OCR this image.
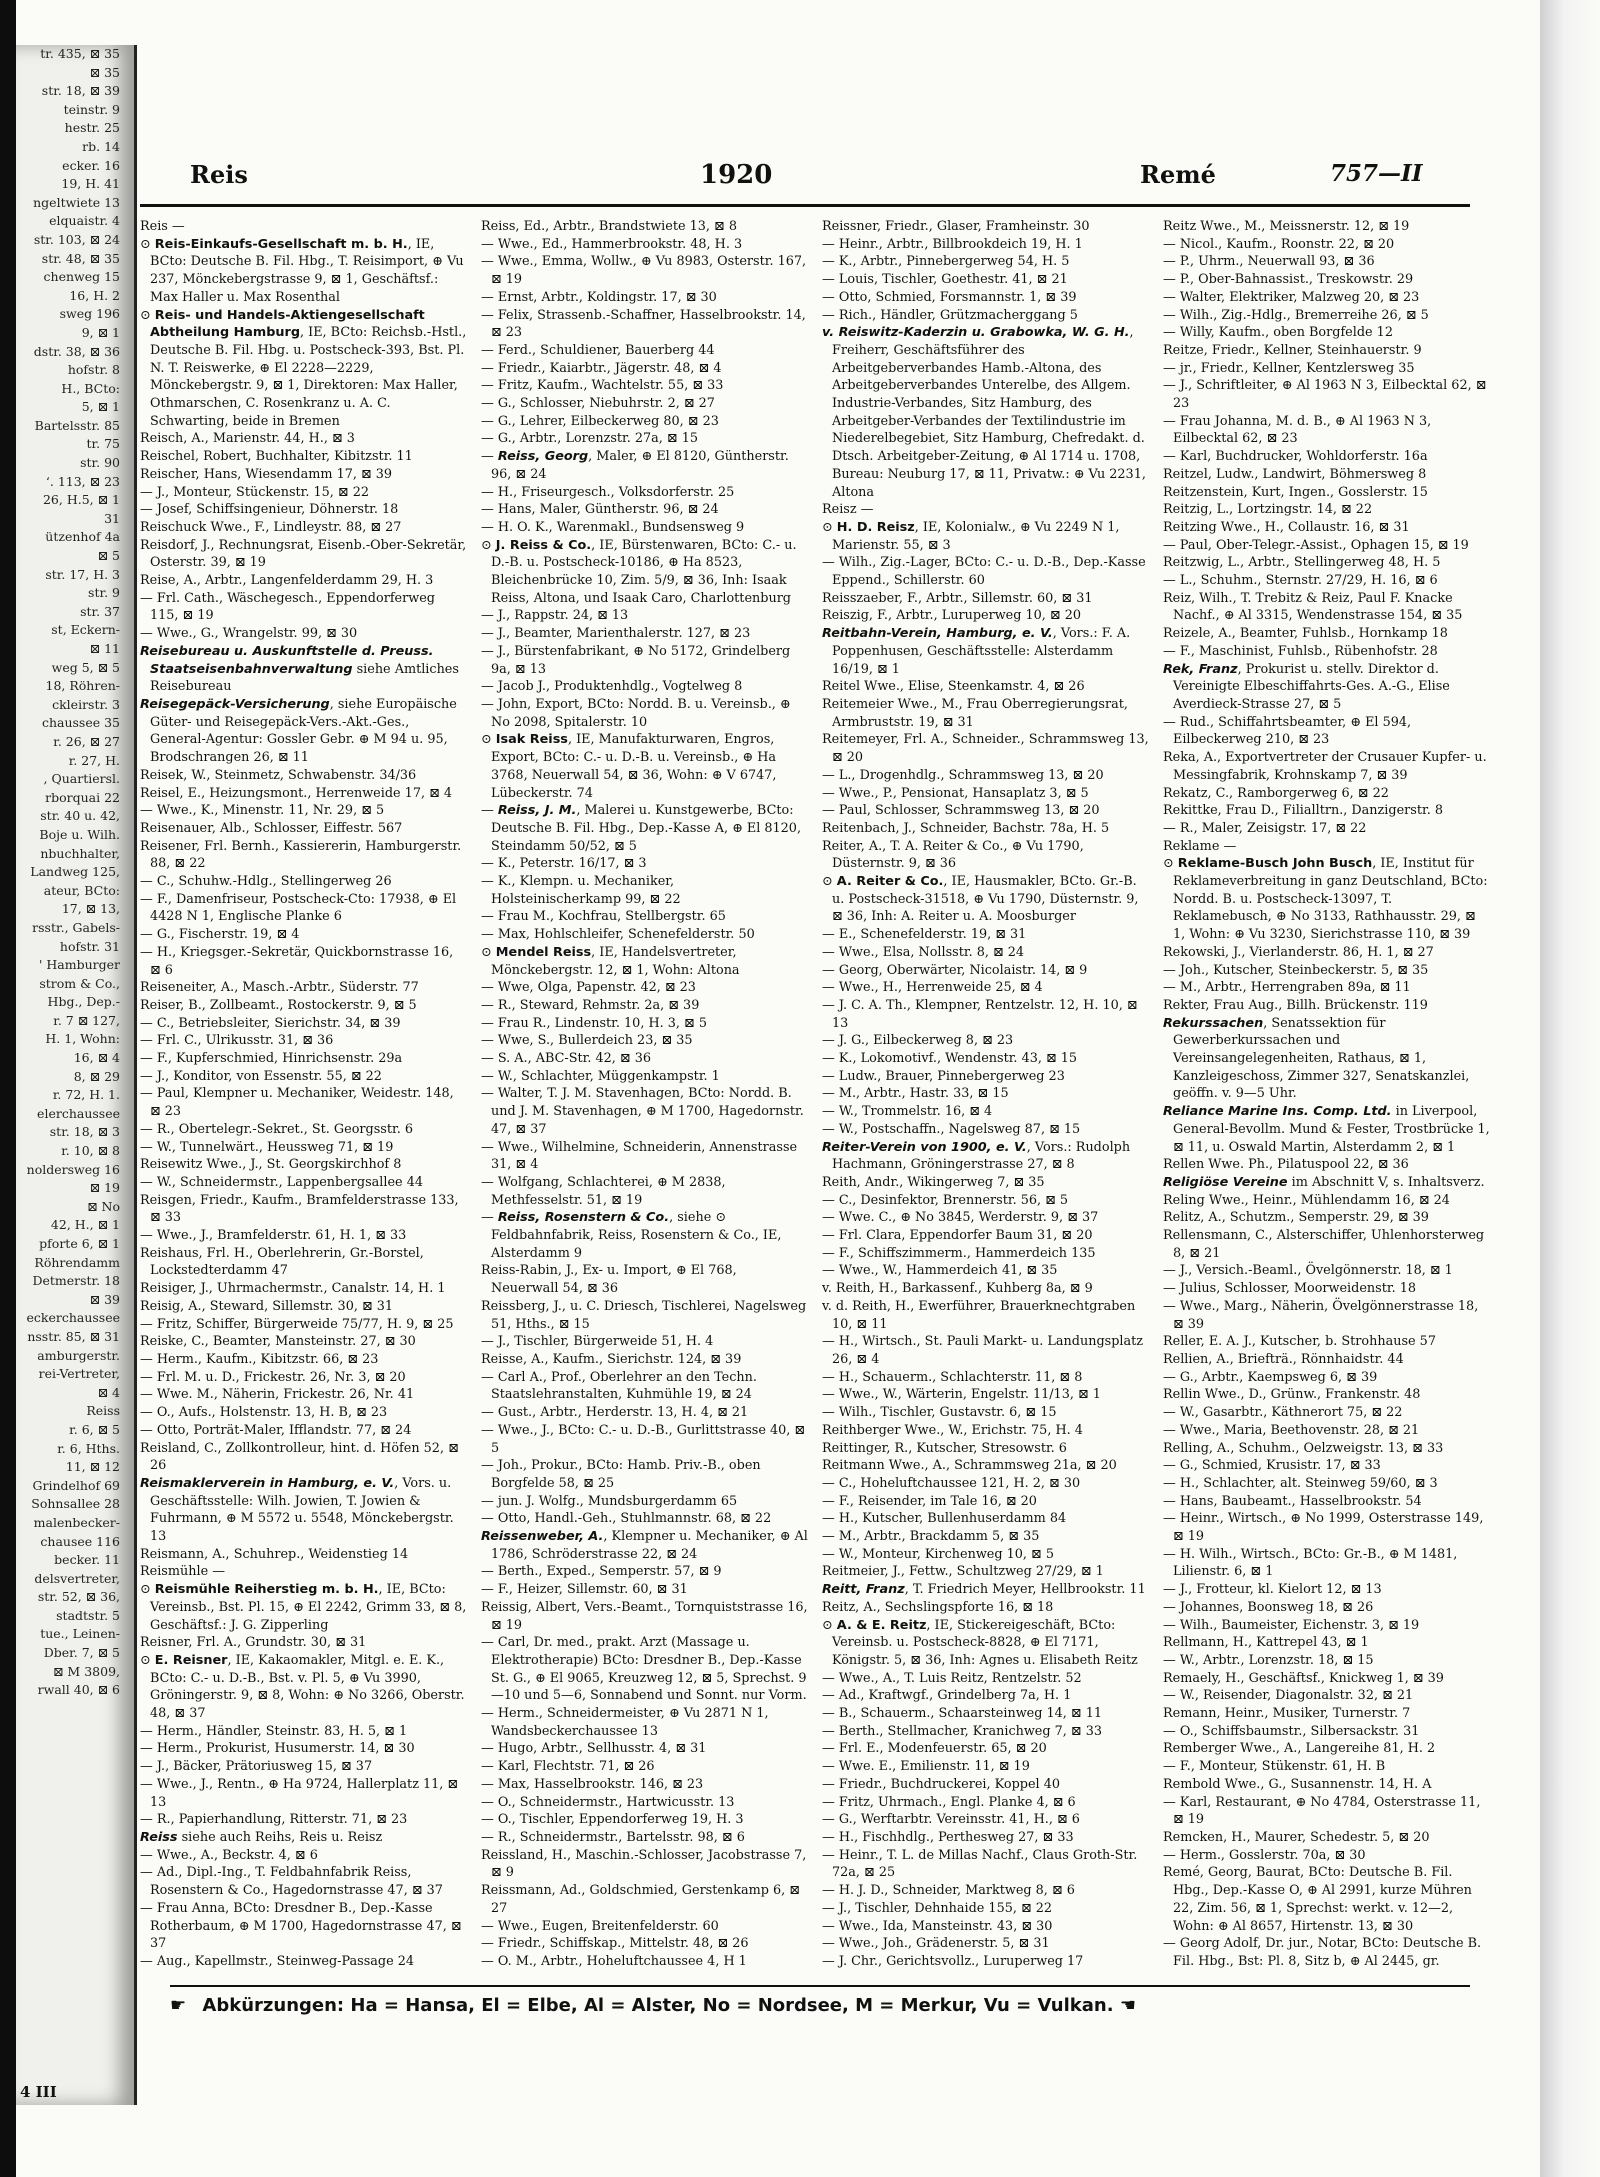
tr. 435, ⊠ 35
⊠ 35
str. 18, ⊠ 39
teinstr. 9
hestr. 25
rb. 14
ecker. 16
19, H. 41
ngeltwiete 13
elquaistr. 4
str. 103, ⊠ 24
str. 48, ⊠ 35
chenweg 15
16, H. 2
sweg 196
9, ⊠ 1
dstr. 38, ⊠ 36
hofstr. 8
H., BCto:
5, ⊠ 1
Bartelsstr. 85
tr. 75
str. 90
ʻ. 113, ⊠ 23
26, H.5, ⊠ 1
31
ützenhof 4a
⊠ 5
str. 17, H. 3
str. 9
str. 37
st, Eckern-
⊠ 11
weg 5, ⊠ 5
18, Röhren-
ckleirstr. 3
chaussee 35
r. 26, ⊠ 27
r. 27, H.
, Quartiersl.
rborquai 22
str. 40 u. 42,
Boje u. Wilh.
nbuchhalter,
Landweg 125,
ateur, BCto:
17, ⊠ 13,
rsstr., Gabels-
hofstr. 31
' Hamburger
strom & Co.,
Hbg., Dep.-
r. 7 ⊠ 127,
H. 1, Wohn:
16, ⊠ 4
8, ⊠ 29
r. 72, H. 1.
elerchaussee
str. 18, ⊠ 3
r. 10, ⊠ 8
noldersweg 16
⊠ 19
⊠ No
42, H., ⊠ 1
pforte 6, ⊠ 1
Röhrendamm
Detmerstr. 18
⊠ 39
eckerchaussee
nsstr. 85, ⊠ 31
amburgerstr.
rei-Vertreter,
⊠ 4
Reiss
r. 6, ⊠ 5
r. 6, Hths.
11, ⊠ 12
Grindelhof 69
Sohnsallee 28
malenbecker-
chausee 116
becker. 11
delsvertreter,
str. 52, ⊠ 36,
stadtstr. 5
tue., Leinen-
Dber. 7, ⊠ 5
⊠ M 3809,
rwall 40, ⊠ 6
4 III
Reis	1920	Remé	757—II

Reis —

⊙ Reis-Einkaufs-Gesellschaft m. b. H., IE, BCto: Deutsche B. Fil. Hbg., T. Reisimport, ⊕ Vu 237, Mönckebergstrasse 9, ⊠ 1, Geschäftsf.: Max Haller u. Max Rosenthal

⊙ Reis- und Handels-Aktiengesellschaft Abtheilung Hamburg, IE, BCto: Reichsb.-Hstl., Deutsche B. Fil. Hbg. u. Postscheck-393, Bst. Pl. N. T. Reiswerke, ⊕ El 2228—2229, Mönckebergstr. 9, ⊠ 1, Direktoren: Max Haller, Othmarschen, C. Rosenkranz u. A. C. Schwarting, beide in Bremen

Reisch, A., Marienstr. 44, H., ⊠ 3

Reischel, Robert, Buchhalter, Kibitzstr. 11

Reischer, Hans, Wiesendamm 17, ⊠ 39

— J., Monteur, Stückenstr. 15, ⊠ 22

— Josef, Schiffsingenieur, Döhnerstr. 18

Reischuck Wwe., F., Lindleystr. 88, ⊠ 27

Reisdorf, J., Rechnungsrat, Eisenb.-Ober-Sekretär, Osterstr. 39, ⊠ 19

Reise, A., Arbtr., Langenfelderdamm 29, H. 3

— Frl. Cath., Wäschegesch., Eppendorferweg 115, ⊠ 19

— Wwe., G., Wrangelstr. 99, ⊠ 30

Reisebureau u. Auskunftstelle d. Preuss. Staatseisenbahnverwaltung siehe Amtliches Reisebureau

Reisegepäck-Versicherung, siehe Europäische Güter- und Reisegepäck-Vers.-Akt.-Ges., General-Agentur: Gossler Gebr. ⊕ M 94 u. 95, Brodschrangen 26, ⊠ 11

Reisek, W., Steinmetz, Schwabenstr. 34/36

Reisel, E., Heizungsmont., Herrenweide 17, ⊠ 4

— Wwe., K., Minenstr. 11, Nr. 29, ⊠ 5

Reisenauer, Alb., Schlosser, Eiffestr. 567

Reisener, Frl. Bernh., Kassiererin, Hamburgerstr. 88, ⊠ 22

— C., Schuhw.-Hdlg., Stellingerweg 26

— F., Damenfriseur, Postscheck-Cto: 17938, ⊕ El 4428 N 1, Englische Planke 6

— G., Fischerstr. 19, ⊠ 4

— H., Kriegsger.-Sekretär, Quickbornstrasse 16, ⊠ 6

Reiseneiter, A., Masch.-Arbtr., Süderstr. 77

Reiser, B., Zollbeamt., Rostockerstr. 9, ⊠ 5

— C., Betriebsleiter, Sierichstr. 34, ⊠ 39

— Frl. C., Ulrikusstr. 31, ⊠ 36

— F., Kupferschmied, Hinrichsenstr. 29a

— J., Konditor, von Essenstr. 55, ⊠ 22

— Paul, Klempner u. Mechaniker, Weidestr. 148, ⊠ 23

— R., Obertelegr.-Sekret., St. Georgsstr. 6

— W., Tunnelwärt., Heussweg 71, ⊠ 19

Reisewitz Wwe., J., St. Georgskirchhof 8

— W., Schneidermstr., Lappenbergsallee 44

Reisgen, Friedr., Kaufm., Bramfelderstrasse 133, ⊠ 33

— Wwe., J., Bramfelderstr. 61, H. 1, ⊠ 33

Reishaus, Frl. H., Oberlehrerin, Gr.-Borstel, Lockstedterdamm 47

Reisiger, J., Uhrmachermstr., Canalstr. 14, H. 1

Reisig, A., Steward, Sillemstr. 30, ⊠ 31

— Fritz, Schiffer, Bürgerweide 75/77, H. 9, ⊠ 25

Reiske, C., Beamter, Mansteinstr. 27, ⊠ 30

— Herm., Kaufm., Kibitzstr. 66, ⊠ 23

— Frl. M. u. D., Frickestr. 26, Nr. 3, ⊠ 20

— Wwe. M., Näherin, Frickestr. 26, Nr. 41

— O., Aufs., Holstenstr. 13, H. B, ⊠ 23

— Otto, Porträt-Maler, Ifflandstr. 77, ⊠ 24

Reisland, C., Zollkontrolleur, hint. d. Höfen 52, ⊠ 26

Reismaklerverein in Hamburg, e. V., Vors. u. Geschäftsstelle: Wilh. Jowien, T. Jowien & Fuhrmann, ⊕ M 5572 u. 5548, Mönckebergstr. 13

Reismann, A., Schuhrep., Weidenstieg 14

Reismühle —

⊙ Reismühle Reiherstieg m. b. H., IE, BCto: Vereinsb., Bst. Pl. 15, ⊕ El 2242, Grimm 33, ⊠ 8, Geschäftsf.: J. G. Zipperling

Reisner, Frl. A., Grundstr. 30, ⊠ 31

⊙ E. Reisner, IE, Kakaomakler, Mitgl. e. E. K., BCto: C.- u. D.-B., Bst. v. Pl. 5, ⊕ Vu 3990, Gröningerstr. 9, ⊠ 8, Wohn: ⊕ No 3266, Oberstr. 48, ⊠ 37

— Herm., Händler, Steinstr. 83, H. 5, ⊠ 1

— Herm., Prokurist, Husumerstr. 14, ⊠ 30

— J., Bäcker, Prätoriusweg 15, ⊠ 37

— Wwe., J., Rentn., ⊕ Ha 9724, Hallerplatz 11, ⊠ 13

— R., Papierhandlung, Ritterstr. 71, ⊠ 23

Reiss siehe auch Reihs, Reis u. Reisz

— Wwe., A., Beckstr. 4, ⊠ 6

— Ad., Dipl.-Ing., T. Feldbahnfabrik Reiss, Rosenstern & Co., Hagedornstrasse 47, ⊠ 37

— Frau Anna, BCto: Dresdner B., Dep.-Kasse Rotherbaum, ⊕ M 1700, Hagedornstrasse 47, ⊠ 37

— Aug., Kapellmstr., Steinweg-Passage 24

Reiss, Ed., Arbtr., Brandstwiete 13, ⊠ 8

— Wwe., Ed., Hammerbrookstr. 48, H. 3

— Wwe., Emma, Wollw., ⊕ Vu 8983, Osterstr. 167, ⊠ 19

— Ernst, Arbtr., Koldingstr. 17, ⊠ 30

— Felix, Strassenb.-Schaffner, Hasselbrookstr. 14, ⊠ 23

— Ferd., Schuldiener, Bauerberg 44

— Friedr., Kaiarbtr., Jägerstr. 48, ⊠ 4

— Fritz, Kaufm., Wachtelstr. 55, ⊠ 33

— G., Schlosser, Niebuhrstr. 2, ⊠ 27

— G., Lehrer, Eilbeckerweg 80, ⊠ 23

— G., Arbtr., Lorenzstr. 27a, ⊠ 15

— Reiss, Georg, Maler, ⊕ El 8120, Güntherstr. 96, ⊠ 24

— H., Friseurgesch., Volksdorferstr. 25

— Hans, Maler, Güntherstr. 96, ⊠ 24

— H. O. K., Warenmakl., Bundsensweg 9

⊙ J. Reiss & Co., IE, Bürstenwaren, BCto: C.- u. D.-B. u. Postscheck-10186, ⊕ Ha 8523, Bleichenbrücke 10, Zim. 5/9, ⊠ 36, Inh: Isaak Reiss, Altona, und Isaak Caro, Charlottenburg

— J., Rappstr. 24, ⊠ 13

— J., Beamter, Marienthalerstr. 127, ⊠ 23

— J., Bürstenfabrikant, ⊕ No 5172, Grindelberg 9a, ⊠ 13

— Jacob J., Produktenhdlg., Vogtelweg 8

— John, Export, BCto: Nordd. B. u. Vereinsb., ⊕ No 2098, Spitalerstr. 10

⊙ Isak Reiss, IE, Manufakturwaren, Engros, Export, BCto: C.- u. D.-B. u. Vereinsb., ⊕ Ha 3768, Neuerwall 54, ⊠ 36, Wohn: ⊕ V 6747, Lübeckerstr. 74

— Reiss, J. M., Malerei u. Kunstgewerbe, BCto: Deutsche B. Fil. Hbg., Dep.-Kasse A, ⊕ El 8120, Steindamm 50/52, ⊠ 5

— K., Peterstr. 16/17, ⊠ 3

— K., Klempn. u. Mechaniker, Holsteinischerkamp 99, ⊠ 22

— Frau M., Kochfrau, Stellbergstr. 65

— Max, Hohlschleifer, Schenefelderstr. 50

⊙ Mendel Reiss, IE, Handelsvertreter, Mönckebergstr. 12, ⊠ 1, Wohn: Altona

— Wwe, Olga, Papenstr. 42, ⊠ 23

— R., Steward, Rehmstr. 2a, ⊠ 39

— Frau R., Lindenstr. 10, H. 3, ⊠ 5

— Wwe, S., Bullerdeich 23, ⊠ 35

— S. A., ABC-Str. 42, ⊠ 36

— W., Schlachter, Müggenkampstr. 1

— Walter, T. J. M. Stavenhagen, BCto: Nordd. B. und J. M. Stavenhagen, ⊕ M 1700, Hagedornstr. 47, ⊠ 37

— Wwe., Wilhelmine, Schneiderin, Annenstrasse 31, ⊠ 4

— Wolfgang, Schlachterei, ⊕ M 2838, Methfesselstr. 51, ⊠ 19

— Reiss, Rosenstern & Co., siehe ⊙ Feldbahnfabrik, Reiss, Rosenstern & Co., IE, Alsterdamm 9

Reiss-Rabin, J., Ex- u. Import, ⊕ El 768, Neuerwall 54, ⊠ 36

Reissberg, J., u. C. Driesch, Tischlerei, Nagelsweg 51, Hths., ⊠ 15

— J., Tischler, Bürgerweide 51, H. 4

Reisse, A., Kaufm., Sierichstr. 124, ⊠ 39

— Carl A., Prof., Oberlehrer an den Techn. Staatslehranstalten, Kuhmühle 19, ⊠ 24

— Gust., Arbtr., Herderstr. 13, H. 4, ⊠ 21

— Wwe., J., BCto: C.- u. D.-B., Gurlittstrasse 40, ⊠ 5

— Joh., Prokur., BCto: Hamb. Priv.-B., oben Borgfelde 58, ⊠ 25

— jun. J. Wolfg., Mundsburgerdamm 65

— Otto, Handl.-Geh., Stuhlmannstr. 68, ⊠ 22

Reissenweber, A., Klempner u. Mechaniker, ⊕ Al 1786, Schröderstrasse 22, ⊠ 24

— Berth., Exped., Semperstr. 57, ⊠ 9

— F., Heizer, Sillemstr. 60, ⊠ 31

Reissig, Albert, Vers.-Beamt., Tornquiststrasse 16, ⊠ 19

— Carl, Dr. med., prakt. Arzt (Massage u. Elektrotherapie) BCto: Dresdner B., Dep.-Kasse St. G., ⊕ El 9065, Kreuzweg 12, ⊠ 5, Sprechst. 9—10 und 5—6, Sonnabend und Sonnt. nur Vorm.

— Herm., Schneidermeister, ⊕ Vu 2871 N 1, Wandsbeckerchaussee 13

— Hugo, Arbtr., Sellhusstr. 4, ⊠ 31

— Karl, Flechtstr. 71, ⊠ 26

— Max, Hasselbrookstr. 146, ⊠ 23

— O., Schneidermstr., Hartwicusstr. 13

— O., Tischler, Eppendorferweg 19, H. 3

— R., Schneidermstr., Bartelsstr. 98, ⊠ 6

Reissland, H., Maschin.-Schlosser, Jacobstrasse 7, ⊠ 9

Reissmann, Ad., Goldschmied, Gerstenkamp 6, ⊠ 27

— Wwe., Eugen, Breitenfelderstr. 60

— Friedr., Schiffskap., Mittelstr. 48, ⊠ 26

— O. M., Arbtr., Hoheluftchaussee 4, H 1

Reissner, Friedr., Glaser, Framheinstr. 30

— Heinr., Arbtr., Billbrookdeich 19, H. 1

— K., Arbtr., Pinnebergerweg 54, H. 5

— Louis, Tischler, Goethestr. 41, ⊠ 21

— Otto, Schmied, Forsmannstr. 1, ⊠ 39

— Rich., Händler, Grützmacherggang 5

v. Reiswitz-Kaderzin u. Grabowka, W. G. H., Freiherr, Geschäftsführer des Arbeitgeberverbandes Hamb.-Altona, des Arbeitgeberverbandes Unterelbe, des Allgem. Industrie-Verbandes, Sitz Hamburg, des Arbeitgeber-Verbandes der Textilindustrie im Niederelbegebiet, Sitz Hamburg, Chefredakt. d. Dtsch. Arbeitgeber-Zeitung, ⊕ Al 1714 u. 1708, Bureau: Neuburg 17, ⊠ 11, Privatw.: ⊕ Vu 2231, Altona

Reisz —

⊙ H. D. Reisz, IE, Kolonialw., ⊕ Vu 2249 N 1, Marienstr. 55, ⊠ 3

— Wilh., Zig.-Lager, BCto: C.- u. D.-B., Dep.-Kasse Eppend., Schillerstr. 60

Reisszaeber, F., Arbtr., Sillemstr. 60, ⊠ 31

Reiszig, F., Arbtr., Luruperweg 10, ⊠ 20

Reitbahn-Verein, Hamburg, e. V., Vors.: F. A. Poppenhusen, Geschäftsstelle: Alsterdamm 16/19, ⊠ 1

Reitel Wwe., Elise, Steenkamstr. 4, ⊠ 26

Reitemeier Wwe., M., Frau Oberregierungsrat, Armbruststr. 19, ⊠ 31

Reitemeyer, Frl. A., Schneider., Schrammsweg 13, ⊠ 20

— L., Drogenhdlg., Schrammsweg 13, ⊠ 20

— Wwe., P., Pensionat, Hansaplatz 3, ⊠ 5

— Paul, Schlosser, Schrammsweg 13, ⊠ 20

Reitenbach, J., Schneider, Bachstr. 78a, H. 5

Reiter, A., T. A. Reiter & Co., ⊕ Vu 1790, Düsternstr. 9, ⊠ 36

⊙ A. Reiter & Co., IE, Hausmakler, BCto. Gr.-B. u. Postscheck-31518, ⊕ Vu 1790, Düsternstr. 9, ⊠ 36, Inh: A. Reiter u. A. Moosburger

— E., Schenefelderstr. 19, ⊠ 31

— Wwe., Elsa, Nollsstr. 8, ⊠ 24

— Georg, Oberwärter, Nicolaistr. 14, ⊠ 9

— Wwe., H., Herrenweide 25, ⊠ 4

— J. C. A. Th., Klempner, Rentzelstr. 12, H. 10, ⊠ 13

— J. G., Eilbeckerweg 8, ⊠ 23

— K., Lokomotivf., Wendenstr. 43, ⊠ 15

— Ludw., Brauer, Pinnebergerweg 23

— M., Arbtr., Hastr. 33, ⊠ 15

— W., Trommelstr. 16, ⊠ 4

— W., Postschaffn., Nagelsweg 87, ⊠ 15

Reiter-Verein von 1900, e. V., Vors.: Rudolph Hachmann, Gröningerstrasse 27, ⊠ 8

Reith, Andr., Wikingerweg 7, ⊠ 35

— C., Desinfektor, Brennerstr. 56, ⊠ 5

— Wwe. C., ⊕ No 3845, Werderstr. 9, ⊠ 37

— Frl. Clara, Eppendorfer Baum 31, ⊠ 20

— F., Schiffszimmerm., Hammerdeich 135

— Wwe., W., Hammerdeich 41, ⊠ 35

v. Reith, H., Barkassenf., Kuhberg 8a, ⊠ 9

v. d. Reith, H., Ewerführer, Brauerknechtgraben 10, ⊠ 11

— H., Wirtsch., St. Pauli Markt- u. Landungsplatz 26, ⊠ 4

— H., Schauerm., Schlachterstr. 11, ⊠ 8

— Wwe., W., Wärterin, Engelstr. 11/13, ⊠ 1

— Wilh., Tischler, Gustavstr. 6, ⊠ 15

Reithberger Wwe., W., Erichstr. 75, H. 4

Reittinger, R., Kutscher, Stresowstr. 6

Reitmann Wwe., A., Schrammsweg 21a, ⊠ 20

— C., Hoheluftchaussee 121, H. 2, ⊠ 30

— F., Reisender, im Tale 16, ⊠ 20

— H., Kutscher, Bullenhuserdamm 84

— M., Arbtr., Brackdamm 5, ⊠ 35

— W., Monteur, Kirchenweg 10, ⊠ 5

Reitmeier, J., Fettw., Schultzweg 27/29, ⊠ 1

Reitt, Franz, T. Friedrich Meyer, Hellbrookstr. 11

Reitz, A., Sechslingspforte 16, ⊠ 18

⊙ A. & E. Reitz, IE, Stickereigeschäft, BCto: Vereinsb. u. Postscheck-8828, ⊕ El 7171, Königstr. 5, ⊠ 36, Inh: Agnes u. Elisabeth Reitz

— Wwe., A., T. Luis Reitz, Rentzelstr. 52

— Ad., Kraftwgf., Grindelberg 7a, H. 1

— B., Schauerm., Schaarsteinweg 14, ⊠ 11

— Berth., Stellmacher, Kranichweg 7, ⊠ 33

— Frl. E., Modenfeuerstr. 65, ⊠ 20

— Wwe. E., Emilienstr. 11, ⊠ 19

— Friedr., Buchdruckerei, Koppel 40

— Fritz, Uhrmach., Engl. Planke 4, ⊠ 6

— G., Werftarbtr. Vereinsstr. 41, H., ⊠ 6

— H., Fischhdlg., Perthesweg 27, ⊠ 33

— Heinr., T. L. de Millas Nachf., Claus Groth-Str. 72a, ⊠ 25

— H. J. D., Schneider, Marktweg 8, ⊠ 6

— J., Tischler, Dehnhaide 155, ⊠ 22

— Wwe., Ida, Mansteinstr. 43, ⊠ 30

— Wwe., Joh., Grädenerstr. 5, ⊠ 31

— J. Chr., Gerichtsvollz., Luruperweg 17

Reitz Wwe., M., Meissnerstr. 12, ⊠ 19

— Nicol., Kaufm., Roonstr. 22, ⊠ 20

— P., Uhrm., Neuerwall 93, ⊠ 36

— P., Ober-Bahnassist., Treskowstr. 29

— Walter, Elektriker, Malzweg 20, ⊠ 23

— Wilh., Zig.-Hdlg., Bremerreihe 26, ⊠ 5

— Willy, Kaufm., oben Borgfelde 12

Reitze, Friedr., Kellner, Steinhauerstr. 9

— jr., Friedr., Kellner, Kentzlersweg 35

— J., Schriftleiter, ⊕ Al 1963 N 3, Eilbecktal 62, ⊠ 23

— Frau Johanna, M. d. B., ⊕ Al 1963 N 3, Eilbecktal 62, ⊠ 23

— Karl, Buchdrucker, Wohldorferstr. 16a

Reitzel, Ludw., Landwirt, Böhmersweg 8

Reitzenstein, Kurt, Ingen., Gosslerstr. 15

Reitzig, L., Lortzingstr. 14, ⊠ 22

Reitzing Wwe., H., Collaustr. 16, ⊠ 31

— Paul, Ober-Telegr.-Assist., Ophagen 15, ⊠ 19

Reitzwig, L., Arbtr., Stellingerweg 48, H. 5

— L., Schuhm., Sternstr. 27/29, H. 16, ⊠ 6

Reiz, Wilh., T. Trebitz & Reiz, Paul F. Knacke Nachf., ⊕ Al 3315, Wendenstrasse 154, ⊠ 35

Reizele, A., Beamter, Fuhlsb., Hornkamp 18

— F., Maschinist, Fuhlsb., Rübenhofstr. 28

Rek, Franz, Prokurist u. stellv. Direktor d. Vereinigte Elbeschiffahrts-Ges. A.-G., Elise Averdieck-Strasse 27, ⊠ 5

— Rud., Schiffahrtsbeamter, ⊕ El 594, Eilbeckerweg 210, ⊠ 23

Reka, A., Exportvertreter der Crusauer Kupfer- u. Messingfabrik, Krohnskamp 7, ⊠ 39

Rekatz, C., Ramborgerweg 6, ⊠ 22

Rekittke, Frau D., Filialltrn., Danzigerstr. 8

— R., Maler, Zeisigstr. 17, ⊠ 22

Reklame —

⊙ Reklame-Busch John Busch, IE, Institut für Reklameverbreitung in ganz Deutschland, BCto: Nordd. B. u. Postscheck-13097, T. Reklamebusch, ⊕ No 3133, Rathhausstr. 29, ⊠ 1, Wohn: ⊕ Vu 3230, Sierichstrasse 110, ⊠ 39

Rekowski, J., Vierlanderstr. 86, H. 1, ⊠ 27

— Joh., Kutscher, Steinbeckerstr. 5, ⊠ 35

— M., Arbtr., Herrengraben 89a, ⊠ 11

Rekter, Frau Aug., Billh. Brückenstr. 119

Rekurssachen, Senatssektion für Gewerberkurssachen und Vereinsangelegenheiten, Rathaus, ⊠ 1, Kanzleigeschoss, Zimmer 327, Senatskanzlei, geöffn. v. 9—5 Uhr.

Reliance Marine Ins. Comp. Ltd. in Liverpool, General-Bevollm. Mund & Fester, Trostbrücke 1, ⊠ 11, u. Oswald Martin, Alsterdamm 2, ⊠ 1

Rellen Wwe. Ph., Pilatuspool 22, ⊠ 36

Religiöse Vereine im Abschnitt V, s. Inhaltsverz.

Reling Wwe., Heinr., Mühlendamm 16, ⊠ 24

Relitz, A., Schutzm., Semperstr. 29, ⊠ 39

Rellensmann, C., Alsterschiffer, Uhlenhorsterweg 8, ⊠ 21

— J., Versich.-Beaml., Övelgönnerstr. 18, ⊠ 1

— Julius, Schlosser, Moorweidenstr. 18

— Wwe., Marg., Näherin, Övelgönnerstrasse 18, ⊠ 39

Reller, E. A. J., Kutscher, b. Strohhause 57

Rellien, A., Briefträ., Rönnhaidstr. 44

— G., Arbtr., Kaempsweg 6, ⊠ 39

Rellin Wwe., D., Grünw., Frankenstr. 48

— W., Gasarbtr., Käthnerort 75, ⊠ 22

— Wwe., Maria, Beethovenstr. 28, ⊠ 21

Relling, A., Schuhm., Oelzweigstr. 13, ⊠ 33

— G., Schmied, Krusistr. 17, ⊠ 33

— H., Schlachter, alt. Steinweg 59/60, ⊠ 3

— Hans, Baubeamt., Hasselbrookstr. 54

— Heinr., Wirtsch., ⊕ No 1999, Osterstrasse 149, ⊠ 19

— H. Wilh., Wirtsch., BCto: Gr.-B., ⊕ M 1481, Lilienstr. 6, ⊠ 1

— J., Frotteur, kl. Kielort 12, ⊠ 13

— Johannes, Boonsweg 18, ⊠ 26

— Wilh., Baumeister, Eichenstr. 3, ⊠ 19

Rellmann, H., Kattrepel 43, ⊠ 1

— W., Arbtr., Lorenzstr. 18, ⊠ 15

Remaely, H., Geschäftsf., Knickweg 1, ⊠ 39

— W., Reisender, Diagonalstr. 32, ⊠ 21

Remann, Heinr., Musiker, Turnerstr. 7

— O., Schiffsbaumstr., Silbersackstr. 31

Remberger Wwe., A., Langereihe 81, H. 2

— F., Monteur, Stükenstr. 61, H. B

Rembold Wwe., G., Susannenstr. 14, H. A

— Karl, Restaurant, ⊕ No 4784, Osterstrasse 11, ⊠ 19

Remcken, H., Maurer, Schedestr. 5, ⊠ 20

— Herm., Gosslerstr. 70a, ⊠ 30

Remé, Georg, Baurat, BCto: Deutsche B. Fil. Hbg., Dep.-Kasse O, ⊕ Al 2991, kurze Mühren 22, Zim. 56, ⊠ 1, Sprechst: werkt. v. 12—2, Wohn: ⊕ Al 8657, Hirtenstr. 13, ⊠ 30

— Georg Adolf, Dr. jur., Notar, BCto: Deutsche B. Fil. Hbg., Bst: Pl. 8, Sitz b, ⊕ Al 2445, gr.

☛ Abkürzungen: Ha = Hansa, El = Elbe, Al = Alster, No = Nordsee, M = Merkur, Vu = Vulkan. ☚
